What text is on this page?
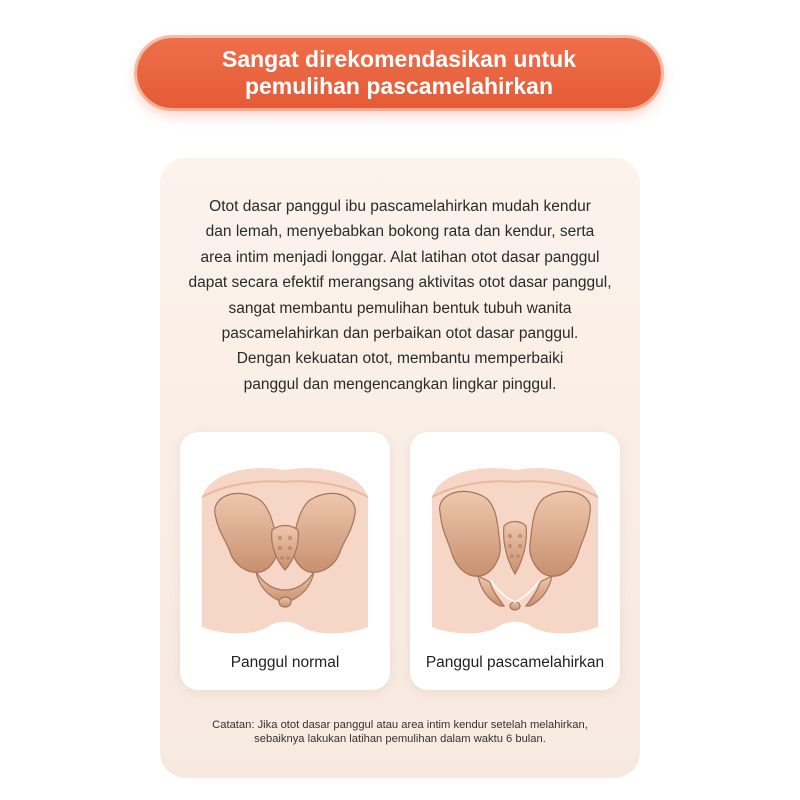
Sangat direkomendasikan untuk
pemulihan pascamelahirkan
Otot dasar panggul ibu pascamelahirkan mudah kendur
dan lemah, menyebabkan bokong rata dan kendur, serta
area intim menjadi longgar. Alat latihan otot dasar panggul
dapat secara efektif merangsang aktivitas otot dasar panggul,
sangat membantu pemulihan bentuk tubuh wanita
pascamelahirkan dan perbaikan otot dasar panggul.
Dengan kekuatan otot, membantu memperbaiki
panggul dan mengencangkan lingkar pinggul.
Panggul normal	Panggul pascamelahirkan
Catatan: Jika otot dasar panggul atau area intim kendur setelah melahirkan,
sebaiknya lakukan latihan pemulihan dalam waktu 6 bulan.
